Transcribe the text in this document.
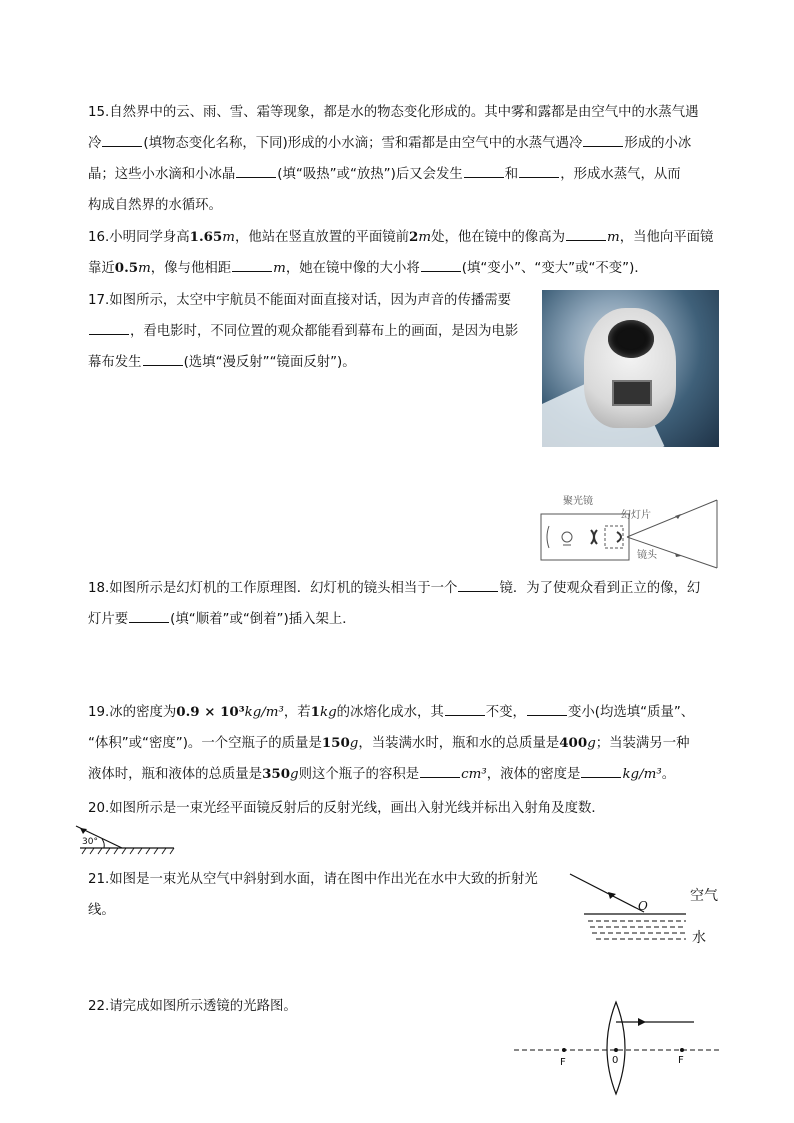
15.自然界中的云、雨、雪、霜等现象，都是水的物态变化形成的。其中雾和露都是由空气中的水蒸气遇
冷	(填物态变化名称，下同)形成的小水滴；雪和霜都是由空气中的水蒸气遇冷	形成的小冰
晶；这些小水滴和小冰晶	(填“吸热”或“放热”)后又会发生	和	，形成水蒸气，从而
构成自然界的水循环。
16.小明同学身高1.65m，他站在竖直放置的平面镜前2m处，他在镜中的像高为	m，当他向平面镜
靠近0.5m，像与他相距	m，她在镜中像的大小将	(填“变小”、“变大”或“不变”)．
17.如图所示，太空中宇航员不能面对面直接对话，因为声音的传播需要
，看电影时，不同位置的观众都能看到幕布上的画面，是因为电影
幕布发生	(选填“漫反射”“镜面反射”)。
聚光镜
幻灯片
镜头
18.如图所示是幻灯机的工作原理图．幻灯机的镜头相当于一个	镜．为了使观众看到正立的像，幻
灯片要	(填“顺着”或“倒着”)插入架上．
19.冰的密度为0.9 × 10³kg/m³，若1kg的冰熔化成水，其	不变，	变小(均选填“质量”、
“体积”或“密度”)。一个空瓶子的质量是150g，当装满水时，瓶和水的总质量是400g；当装满另一种
液体时，瓶和液体的总质量是350g则这个瓶子的容积是	cm³，液体的密度是	kg/m³。
20.如图所示是一束光经平面镜反射后的反射光线，画出入射光线并标出入射角及度数．
30°
21.如图是一束光从空气中斜射到水面，请在图中作出光在水中大致的折射光
线。	O
空气
水
22.请完成如图所示透镜的光路图。
F	0	F
